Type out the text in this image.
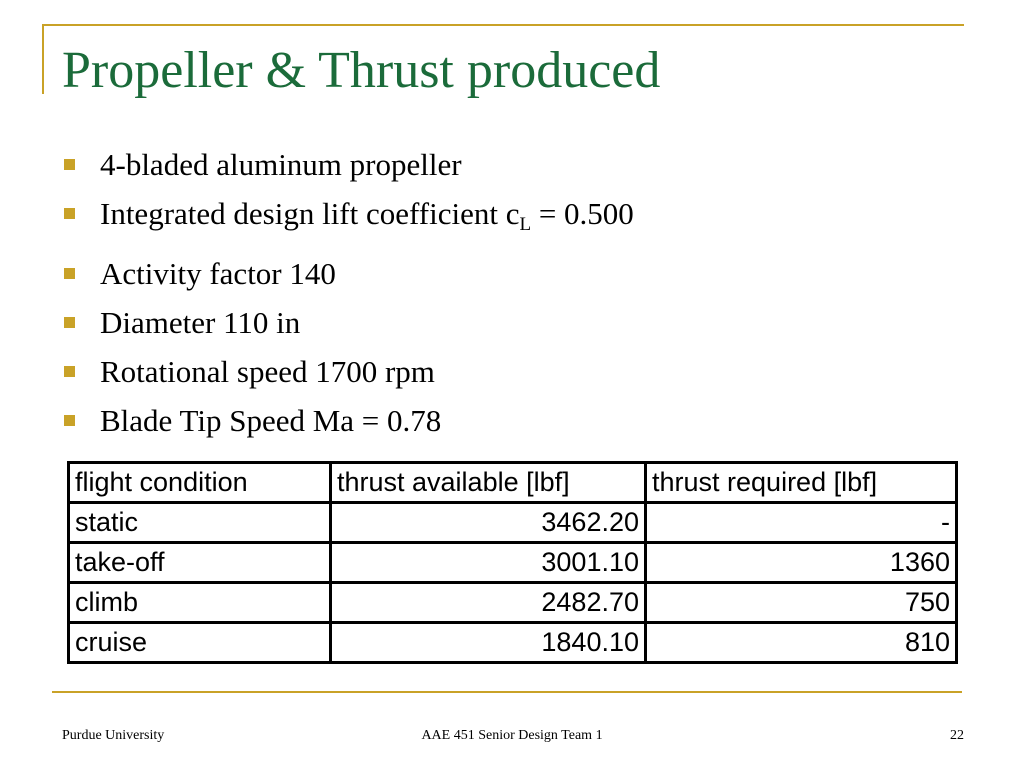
Propeller & Thrust produced
4-bladed aluminum propeller
Integrated design lift coefficient $c_L = 0.500$
Activity factor 140
Diameter 110 in
Rotational speed 1700 rpm
Blade Tip Speed Ma = 0.78
flight condition	thrust available [lbf]	thrust required [lbf]
static	3462.20	-
take-off	3001.10	1360
climb	2482.70	750
cruise	1840.10	810
Purdue University	AAE 451 Senior Design Team 1	22
